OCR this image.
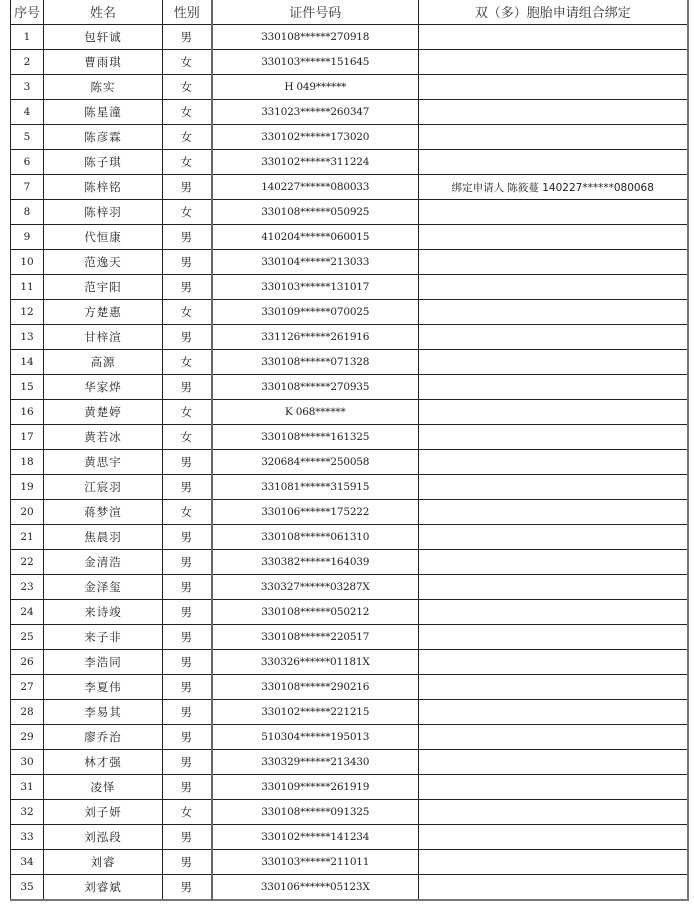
序号	姓名	性别	证件号码	双（多）胞胎申请组合绑定
1	包轩诚	男	330108******270918	
2	曹雨琪	女	330103******151645	
3	陈实	女	H 049******	
4	陈星潼	女	331023******260347	
5	陈彦霖	女	330102******173020	
6	陈子琪	女	330102******311224	
7	陈梓铭	男	140227******080033	绑定申请人 陈筱蔓 140227******080068
8	陈梓羽	女	330108******050925	
9	代恒康	男	410204******060015	
10	范逸天	男	330104******213033	
11	范宇阳	男	330103******131017	
12	方楚惠	女	330109******070025	
13	甘梓渲	男	331126******261916	
14	高源	女	330108******071328	
15	华家烨	男	330108******270935	
16	黄楚婷	女	K 068******	
17	黄若冰	女	330108******161325	
18	黄思宇	男	320684******250058	
19	江宸羽	男	331081******315915	
20	蒋梦渲	女	330106******175222	
21	焦晨羽	男	330108******061310	
22	金清浩	男	330382******164039	
23	金泽玺	男	330327******03287X	
24	来诗竣	男	330108******050212	
25	来子非	男	330108******220517	
26	李浩同	男	330326******01181X	
27	李夏伟	男	330108******290216	
28	李易其	男	330102******221215	
29	廖乔治	男	510304******195013	
30	林才强	男	330329******213430	
31	凌怿	男	330109******261919	
32	刘子妍	女	330108******091325	
33	刘泓段	男	330102******141234	
34	刘睿	男	330103******211011	
35	刘睿斌	男	330106******05123X	
